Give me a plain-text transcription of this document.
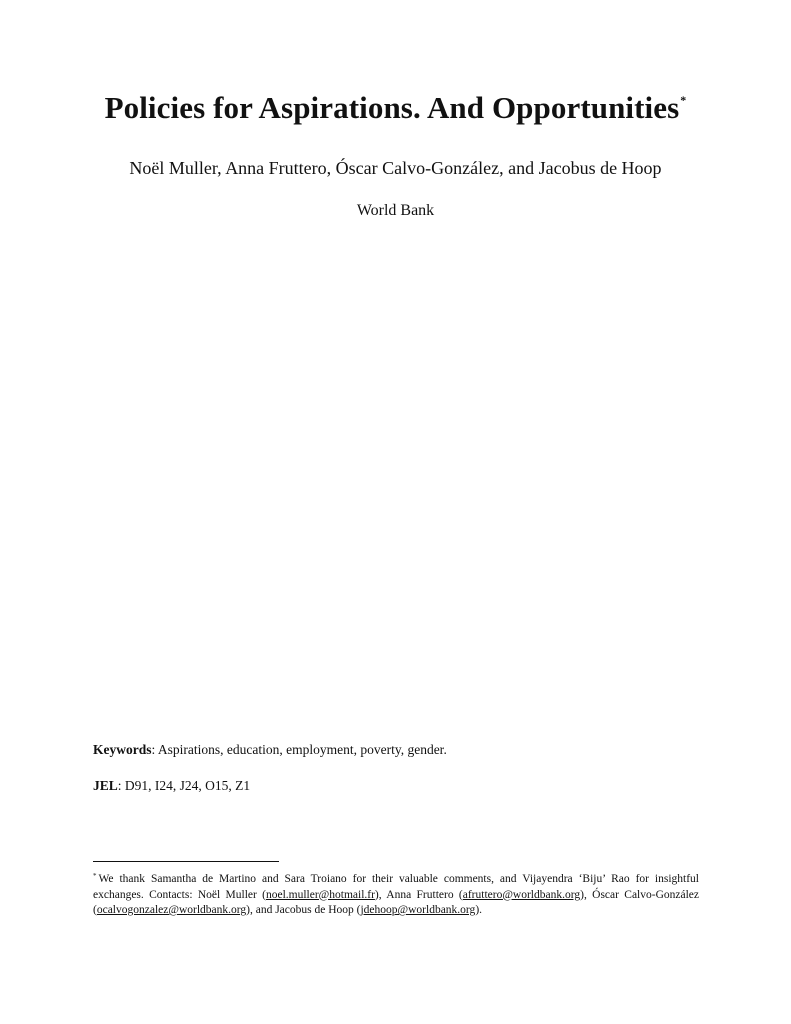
Policies for Aspirations. And Opportunities*

Noël Muller, Anna Fruttero, Óscar Calvo-González, and Jacobus de Hoop

World Bank

Keywords: Aspirations, education, employment, poverty, gender.

JEL: D91, I24, J24, O15, Z1

* We thank Samantha de Martino and Sara Troiano for their valuable comments, and Vijayendra ‘Biju’ Rao for insightful exchanges. Contacts: Noël Muller (noel.muller@hotmail.fr), Anna Fruttero (afruttero@worldbank.org), Óscar Calvo-González (ocalvogonzalez@worldbank.org), and Jacobus de Hoop (jdehoop@worldbank.org).
